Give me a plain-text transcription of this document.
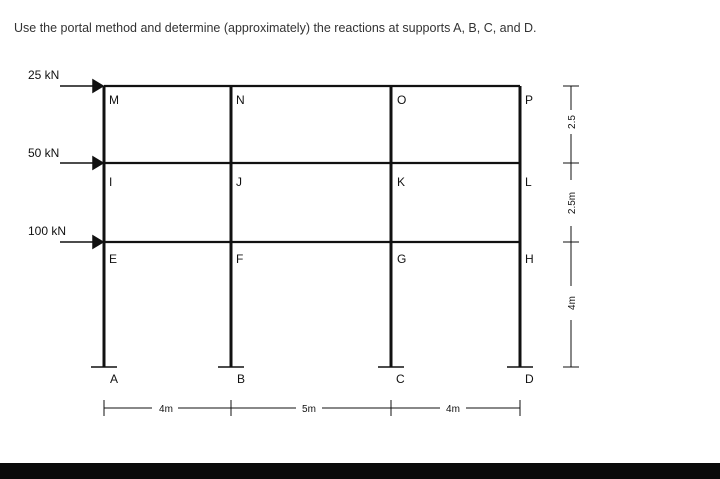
Use the portal method and determine (approximately) the reactions at supports A, B, C, and D.
25 kN
50 kN
100 kN
M	N	O	P
I	J	K	L
E	F	G	H
A	B	C	D
4m	5m	4m
2.5
2.5m
4m
